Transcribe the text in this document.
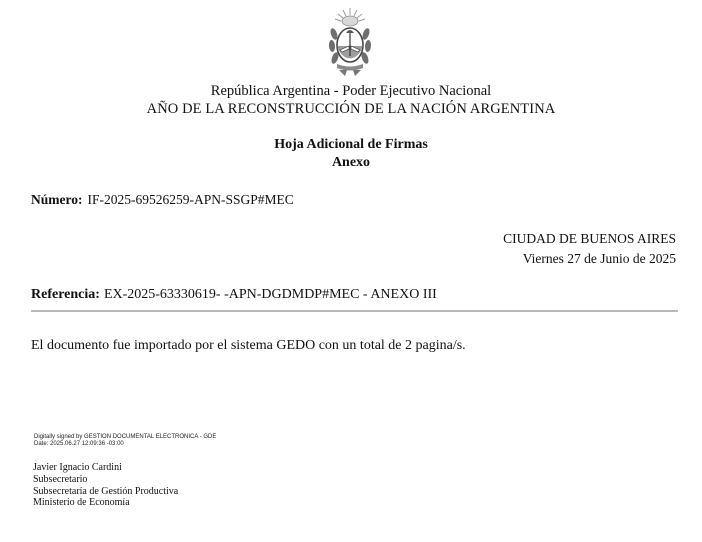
República Argentina - Poder Ejecutivo Nacional
AÑO DE LA RECONSTRUCCIÓN DE LA NACIÓN ARGENTINA
Hoja Adicional de Firmas
Anexo
Número: IF-2025-69526259-APN-SSGP#MEC
CIUDAD DE BUENOS AIRES
Viernes 27 de Junio de 2025
Referencia: EX-2025-63330619- -APN-DGDMDP#MEC - ANEXO III
El documento fue importado por el sistema GEDO con un total de 2 pagina/s.
Digitally signed by GESTION DOCUMENTAL ELECTRONICA - GDE
Date: 2025.06.27 12:09:36 -03:00
Javier Ignacio Cardini
Subsecretario
Subsecretaría de Gestión Productiva
Ministerio de Economía
